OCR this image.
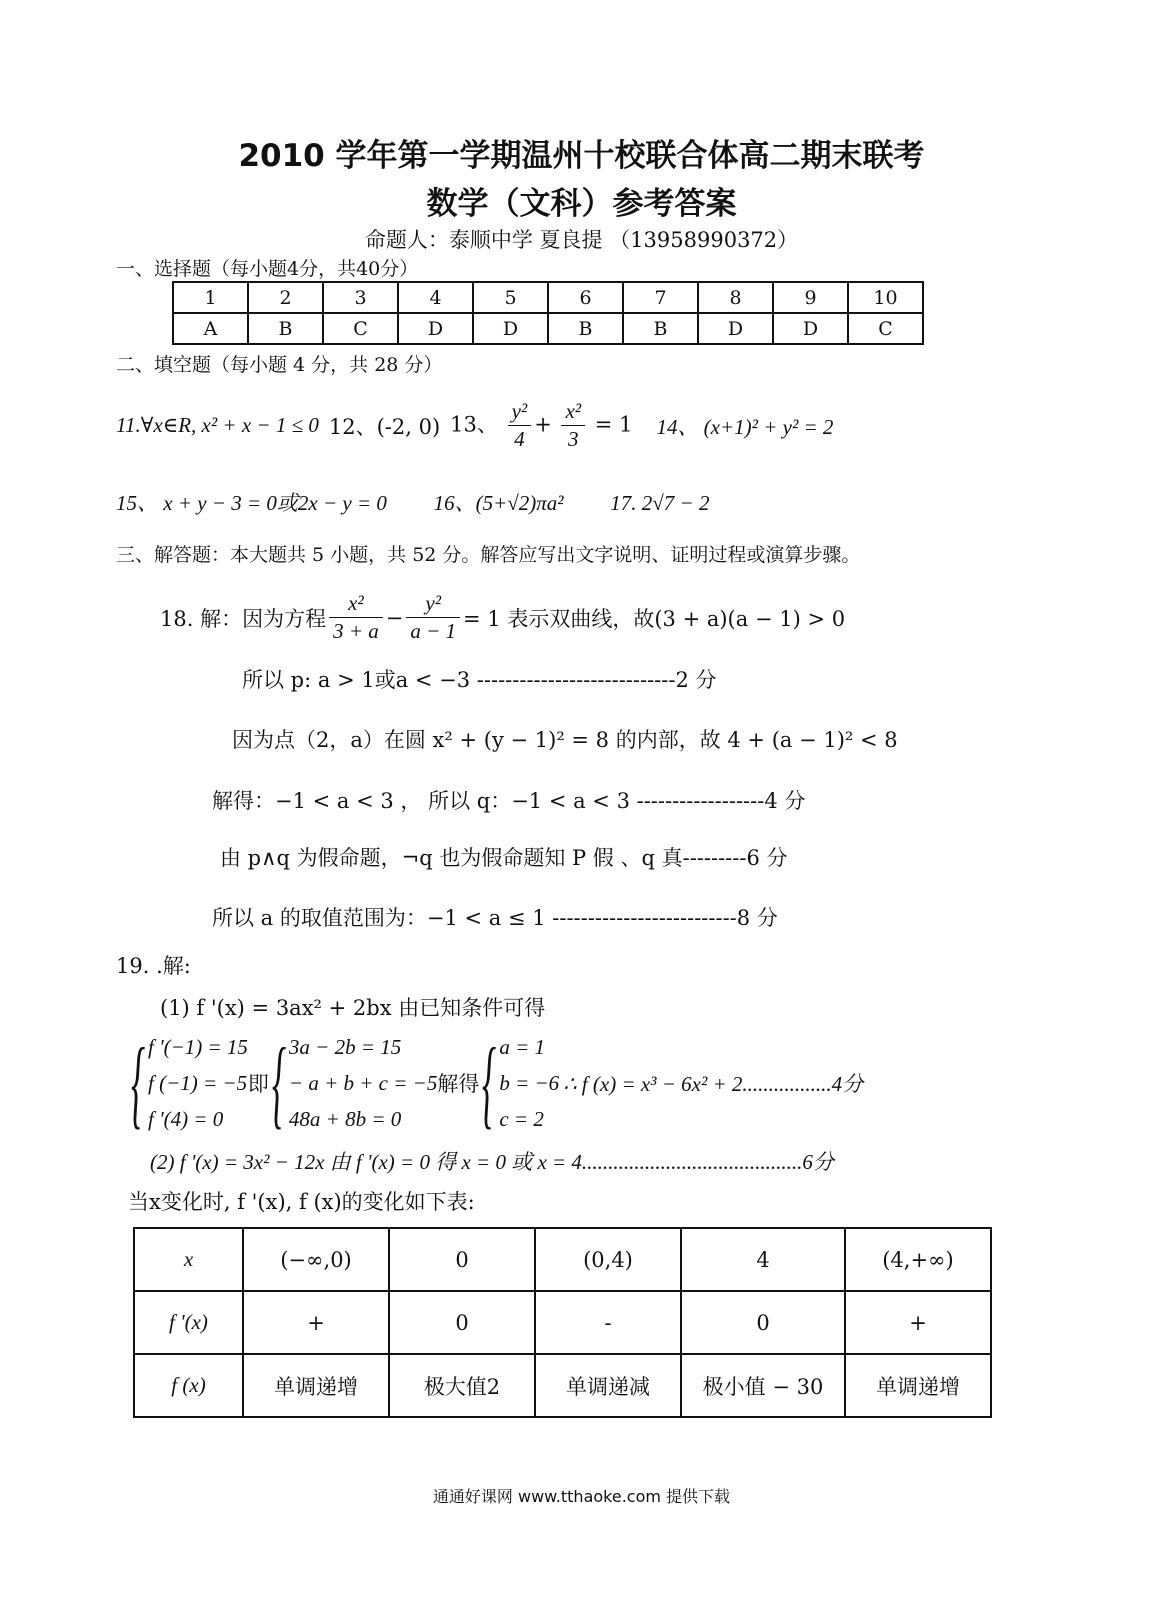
2010 学年第一学期温州十校联合体高二期末联考
数学（文科）参考答案
命题人：泰顺中学 夏良提 （13958990372）
一、选择题（每小题4分，共40分）
1	2	3	4	5	6	7	8	9	10
A	B	C	D	D	B	B	D	D	C
二、填空题（每小题 4 分，共 28 分）
11.∀x∈R, x² + x − 1 ≤ 0 12、(-2, 0) 13、 $\frac{\text{y²}}{4} + \frac{\text{x²}}{3} = 1$ 14、 (x+1)² + y² = 2
15、 x + y − 3 = 0或2x − y = 0 16、(5+√2)πa² 17. 2√7 − 2
三、解答题：本大题共 5 小题，共 52 分。解答应写出文字说明、证明过程或演算步骤。
18. 解：因为方程 $\frac{\text{x²}}{3 + a} - \frac{\text{y²}}{a - 1} = 1$ 表示双曲线，故(3 + a)(a − 1) > 0
所以 p: a > 1或a < −3 ----------------------------2 分
因为点（2，a）在圆 x² + (y − 1)² = 8 的内部，故 4 + (a − 1)² < 8
解得：−1 < a < 3 ， 所以 q：−1 < a < 3 ------------------4 分
由 p∧q 为假命题，¬q 也为假命题知 P 假 、q 真---------6 分
所以 a 的取值范围为：−1 < a ≤ 1 --------------------------8 分
19. .解:
(1) f '(x) = 3ax² + 2bx 由已知条件可得
{ f '(−1) = 15
f (−1) = −5
f '(4) = 0
即 { 3a − 2b = 15
− a + b + c = −5
48a + 8b = 0
解得 { a = 1
b = −6
c = 2
∴ f (x) = x³ − 6x² + 2.................4分
(2) f '(x) = 3x² − 12x 由 f '(x) = 0 得 x = 0 或 x = 4..........................................6分
当x变化时, f '(x), f (x)的变化如下表:
x	(−∞,0)	0	(0,4)	4	(4,+∞)
f '(x)	+	0	-	0	+
f (x)	单调递增	极大值2	单调递减	极小值 − 30	单调递增
通通好课网 www.tthaoke.com 提供下载
